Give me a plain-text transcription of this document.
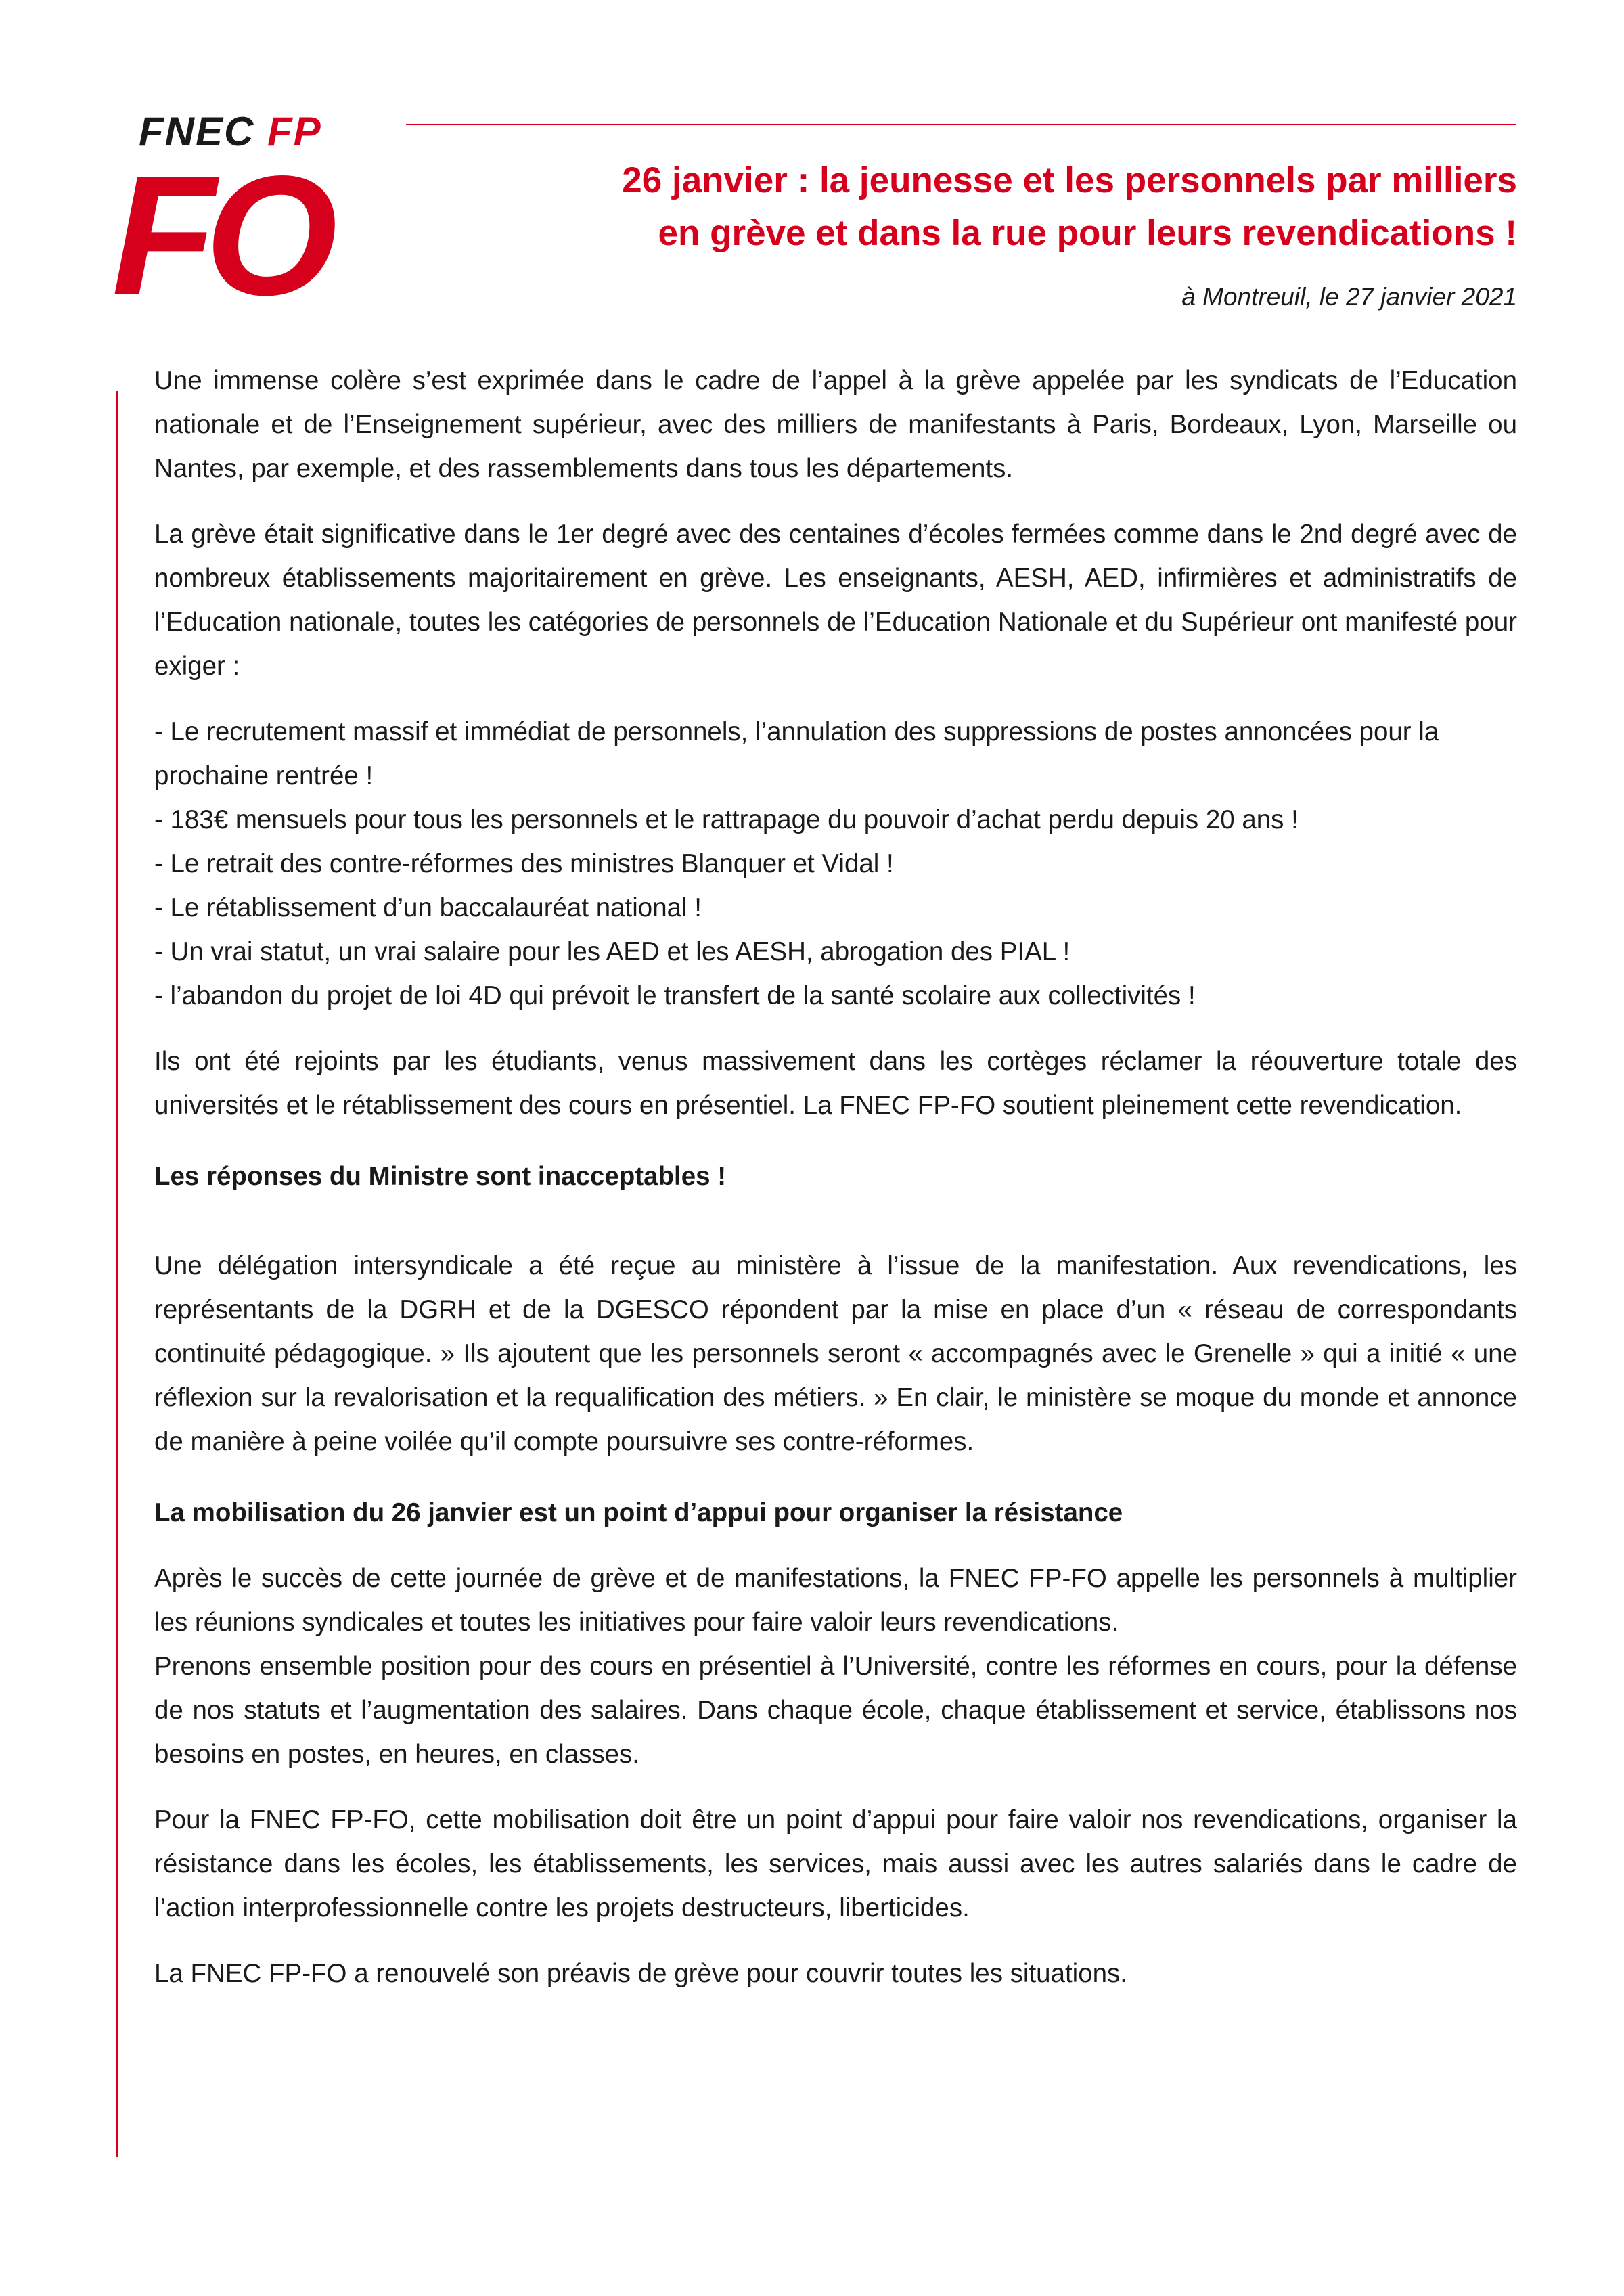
FNEC FP
FO	26 janvier : la jeunesse et les personnels par milliers
en grève et dans la rue pour leurs revendications !
à Montreuil, le 27 janvier 2021

Une immense colère s’est exprimée dans le cadre de l’appel à la grève appelée par les syndicats de l’Education nationale et de l’Enseignement supérieur, avec des milliers de manifestants à Paris, Bordeaux, Lyon, Marseille ou Nantes, par exemple, et des rassemblements dans tous les départements.

La grève était significative dans le 1er degré avec des centaines d’écoles fermées comme dans le 2nd degré avec de nombreux établissements majoritairement en grève. Les enseignants, AESH, AED, infirmières et administratifs de l’Education nationale, toutes les catégories de personnels de l’Education Nationale et du Supérieur ont manifesté pour exiger :

- Le recrutement massif et immédiat de personnels, l’annulation des suppressions de postes annoncées pour la prochaine rentrée !

- 183€ mensuels pour tous les personnels et le rattrapage du pouvoir d’achat perdu depuis 20 ans !

- Le retrait des contre-réformes des ministres Blanquer et Vidal !

- Le rétablissement d’un baccalauréat national !

- Un vrai statut, un vrai salaire pour les AED et les AESH, abrogation des PIAL !

- l’abandon du projet de loi 4D qui prévoit le transfert de la santé scolaire aux collectivités !

Ils ont été rejoints par les étudiants, venus massivement dans les cortèges réclamer la réouverture totale des universités et le rétablissement des cours en présentiel. La FNEC FP-FO soutient pleinement cette revendication.

Les réponses du Ministre sont inacceptables !

Une délégation intersyndicale a été reçue au ministère à l’issue de la manifestation. Aux revendications, les représentants de la DGRH et de la DGESCO répondent par la mise en place d’un « réseau de correspondants continuité pédagogique. » Ils ajoutent que les personnels seront « accompagnés avec le Grenelle » qui a initié « une réflexion sur la revalorisation et la requalification des métiers. » En clair, le ministère se moque du monde et annonce de manière à peine voilée qu’il compte poursuivre ses contre-réformes.

La mobilisation du 26 janvier est un point d’appui pour organiser la résistance

Après le succès de cette journée de grève et de manifestations, la FNEC FP-FO appelle les personnels à multiplier les réunions syndicales et toutes les initiatives pour faire valoir leurs revendications.

Prenons ensemble position pour des cours en présentiel à l’Université, contre les réformes en cours, pour la défense de nos statuts et l’augmentation des salaires. Dans chaque école, chaque établissement et service, établissons nos besoins en postes, en heures, en classes.

Pour la FNEC FP-FO, cette mobilisation doit être un point d’appui pour faire valoir nos revendications, organiser la résistance dans les écoles, les établissements, les services, mais aussi avec les autres salariés dans le cadre de l’action interprofessionnelle contre les projets destructeurs, liberticides.

La FNEC FP-FO a renouvelé son préavis de grève pour couvrir toutes les situations.
